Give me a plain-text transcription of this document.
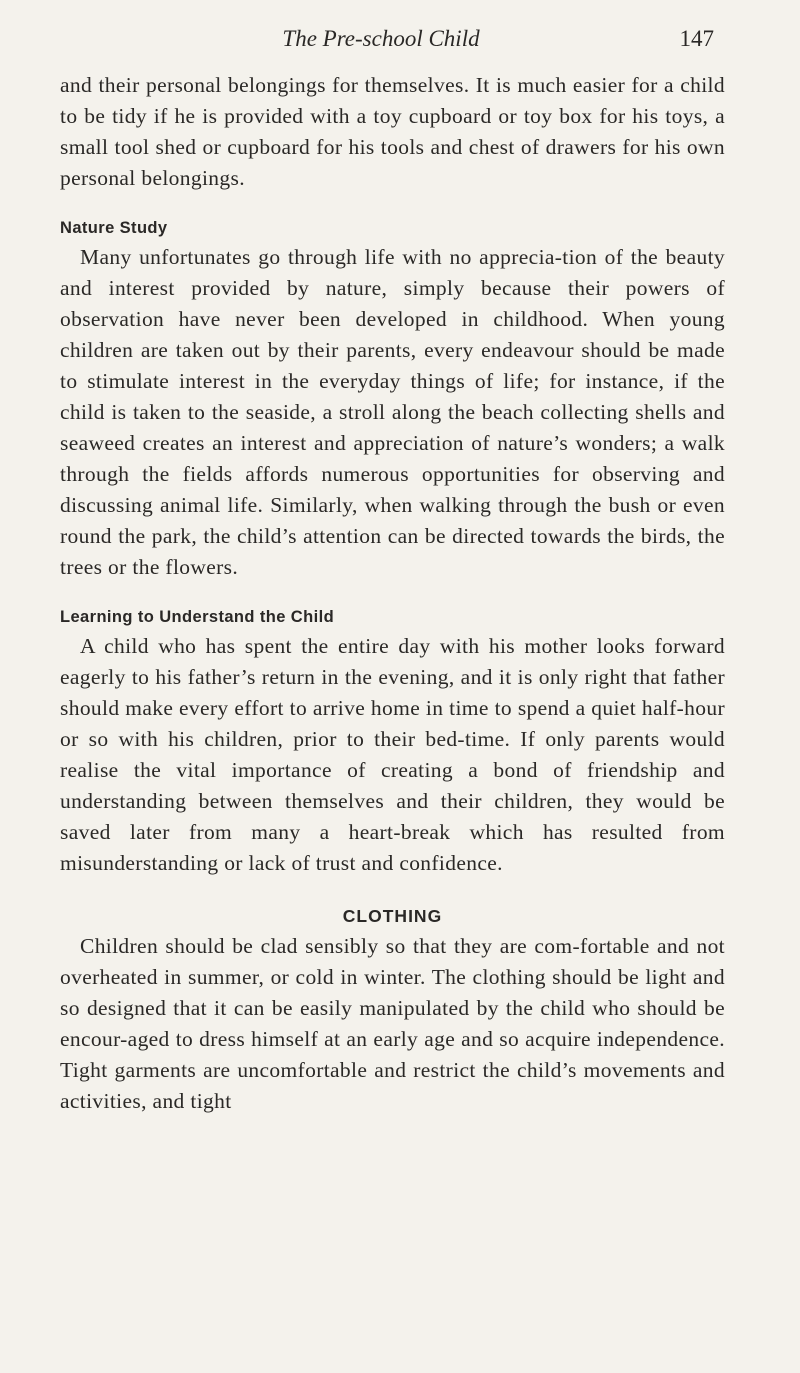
The Pre-school Child	147

and their personal belongings for themselves. It is much easier for a child to be tidy if he is provided with a toy cupboard or toy box for his toys, a small tool shed or cupboard for his tools and chest of drawers for his own personal belongings.

Nature Study

Many unfortunates go through life with no apprecia-tion of the beauty and interest provided by nature, simply because their powers of observation have never been developed in childhood. When young children are taken out by their parents, every endeavour should be made to stimulate interest in the everyday things of life; for instance, if the child is taken to the seaside, a stroll along the beach collecting shells and seaweed creates an interest and appreciation of nature’s wonders; a walk through the fields affords numerous opportunities for observing and discussing animal life. Similarly, when walking through the bush or even round the park, the child’s attention can be directed towards the birds, the trees or the flowers.

Learning to Understand the Child

A child who has spent the entire day with his mother looks forward eagerly to his father’s return in the evening, and it is only right that father should make every effort to arrive home in time to spend a quiet half-hour or so with his children, prior to their bed-time. If only parents would realise the vital importance of creating a bond of friendship and understanding between themselves and their children, they would be saved later from many a heart-break which has resulted from misunderstanding or lack of trust and confidence.

CLOTHING

Children should be clad sensibly so that they are com-fortable and not overheated in summer, or cold in winter. The clothing should be light and so designed that it can be easily manipulated by the child who should be encour-aged to dress himself at an early age and so acquire independence. Tight garments are uncomfortable and restrict the child’s movements and activities, and tight
